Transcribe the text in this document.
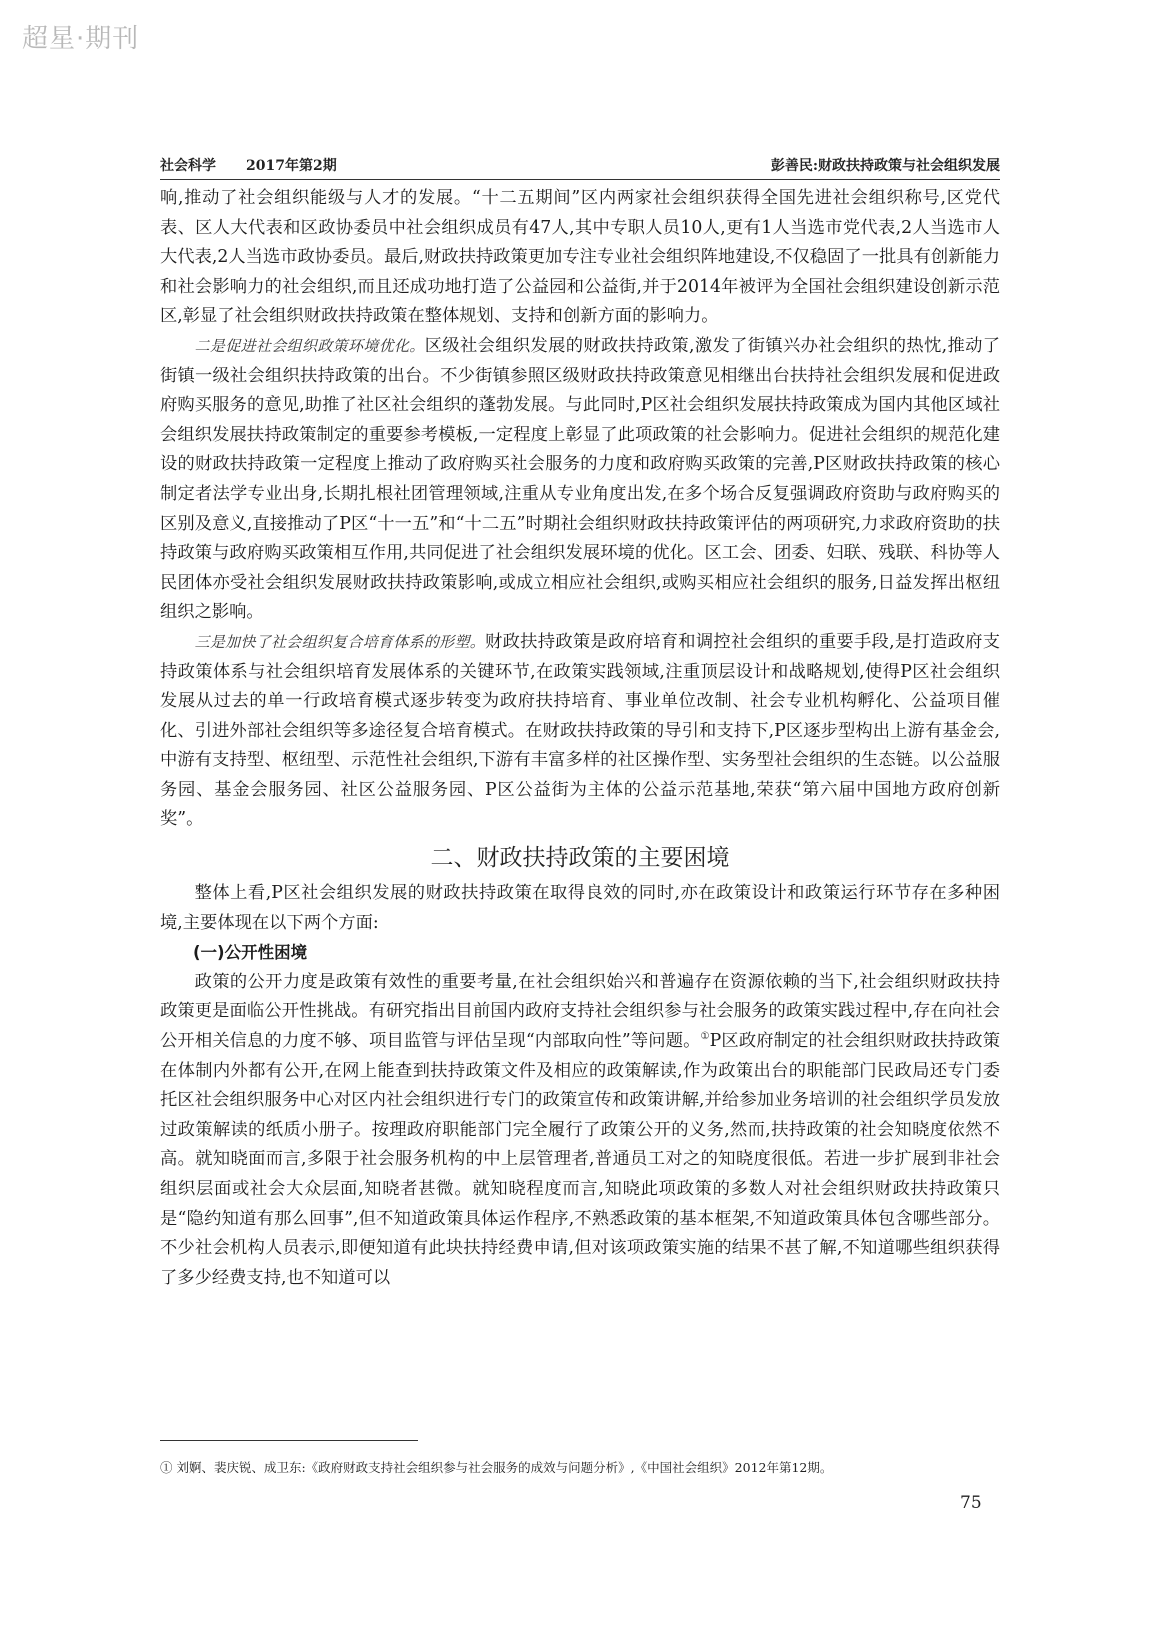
超星·期刊
社会科学 2017年第2期	彭善民:财政扶持政策与社会组织发展

响,推动了社会组织能级与人才的发展。“十二五期间”区内两家社会组织获得全国先进社会组织称号,区党代表、区人大代表和区政协委员中社会组织成员有47人,其中专职人员10人,更有1人当选市党代表,2人当选市人大代表,2人当选市政协委员。最后,财政扶持政策更加专注专业社会组织阵地建设,不仅稳固了一批具有创新能力和社会影响力的社会组织,而且还成功地打造了公益园和公益街,并于2014年被评为全国社会组织建设创新示范区,彰显了社会组织财政扶持政策在整体规划、支持和创新方面的影响力。

二是促进社会组织政策环境优化。区级社会组织发展的财政扶持政策,激发了街镇兴办社会组织的热忱,推动了街镇一级社会组织扶持政策的出台。不少街镇参照区级财政扶持政策意见相继出台扶持社会组织发展和促进政府购买服务的意见,助推了社区社会组织的蓬勃发展。与此同时,P区社会组织发展扶持政策成为国内其他区域社会组织发展扶持政策制定的重要参考模板,一定程度上彰显了此项政策的社会影响力。促进社会组织的规范化建设的财政扶持政策一定程度上推动了政府购买社会服务的力度和政府购买政策的完善,P区财政扶持政策的核心制定者法学专业出身,长期扎根社团管理领域,注重从专业角度出发,在多个场合反复强调政府资助与政府购买的区别及意义,直接推动了P区“十一五”和“十二五”时期社会组织财政扶持政策评估的两项研究,力求政府资助的扶持政策与政府购买政策相互作用,共同促进了社会组织发展环境的优化。区工会、团委、妇联、残联、科协等人民团体亦受社会组织发展财政扶持政策影响,或成立相应社会组织,或购买相应社会组织的服务,日益发挥出枢纽组织之影响。

三是加快了社会组织复合培育体系的形塑。财政扶持政策是政府培育和调控社会组织的重要手段,是打造政府支持政策体系与社会组织培育发展体系的关键环节,在政策实践领域,注重顶层设计和战略规划,使得P区社会组织发展从过去的单一行政培育模式逐步转变为政府扶持培育、事业单位改制、社会专业机构孵化、公益项目催化、引进外部社会组织等多途径复合培育模式。在财政扶持政策的导引和支持下,P区逐步型构出上游有基金会,中游有支持型、枢纽型、示范性社会组织,下游有丰富多样的社区操作型、实务型社会组织的生态链。以公益服务园、基金会服务园、社区公益服务园、P区公益街为主体的公益示范基地,荣获“第六届中国地方政府创新奖”。

二、财政扶持政策的主要困境

整体上看,P区社会组织发展的财政扶持政策在取得良效的同时,亦在政策设计和政策运行环节存在多种困境,主要体现在以下两个方面:

(一)公开性困境

政策的公开力度是政策有效性的重要考量,在社会组织始兴和普遍存在资源依赖的当下,社会组织财政扶持政策更是面临公开性挑战。有研究指出目前国内政府支持社会组织参与社会服务的政策实践过程中,存在向社会公开相关信息的力度不够、项目监管与评估呈现“内部取向性”等问题。①P区政府制定的社会组织财政扶持政策在体制内外都有公开,在网上能查到扶持政策文件及相应的政策解读,作为政策出台的职能部门民政局还专门委托区社会组织服务中心对区内社会组织进行专门的政策宣传和政策讲解,并给参加业务培训的社会组织学员发放过政策解读的纸质小册子。按理政府职能部门完全履行了政策公开的义务,然而,扶持政策的社会知晓度依然不高。就知晓面而言,多限于社会服务机构的中上层管理者,普通员工对之的知晓度很低。若进一步扩展到非社会组织层面或社会大众层面,知晓者甚微。就知晓程度而言,知晓此项政策的多数人对社会组织财政扶持政策只是“隐约知道有那么回事”,但不知道政策具体运作程序,不熟悉政策的基本框架,不知道政策具体包含哪些部分。不少社会机构人员表示,即便知道有此块扶持经费申请,但对该项政策实施的结果不甚了解,不知道哪些组织获得了多少经费支持,也不知道可以

① 刘婀、裴庆锐、成卫东:《政府财政支持社会组织参与社会服务的成效与问题分析》,《中国社会组织》2012年第12期。
75
